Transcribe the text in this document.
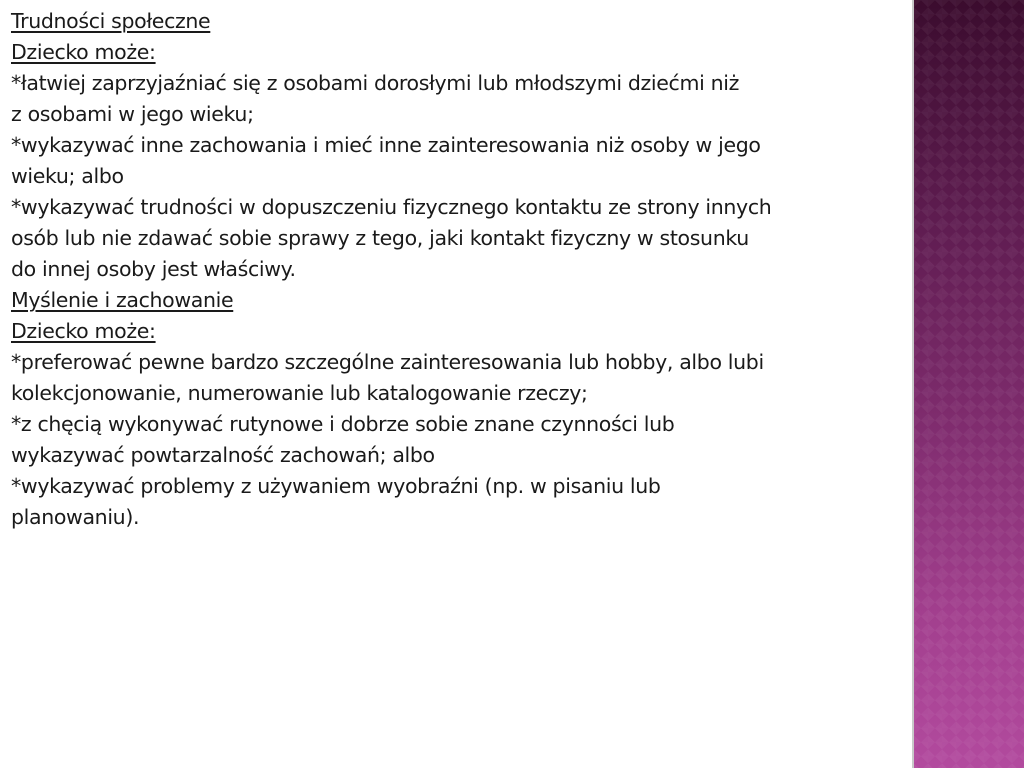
Trudności społeczne
Dziecko może:
*łatwiej zaprzyjaźniać się z osobami dorosłymi lub młodszymi dziećmi niż
z osobami w jego wieku;
*wykazywać inne zachowania i mieć inne zainteresowania niż osoby w jego
wieku; albo
*wykazywać trudności w dopuszczeniu fizycznego kontaktu ze strony innych
osób lub nie zdawać sobie sprawy z tego, jaki kontakt fizyczny w stosunku
do innej osoby jest właściwy.
Myślenie i zachowanie
Dziecko może:
*preferować pewne bardzo szczególne zainteresowania lub hobby, albo lubi
kolekcjonowanie, numerowanie lub katalogowanie rzeczy;
*z chęcią wykonywać rutynowe i dobrze sobie znane czynności lub
wykazywać powtarzalność zachowań; albo
*wykazywać problemy z używaniem wyobraźni (np. w pisaniu lub
planowaniu).
